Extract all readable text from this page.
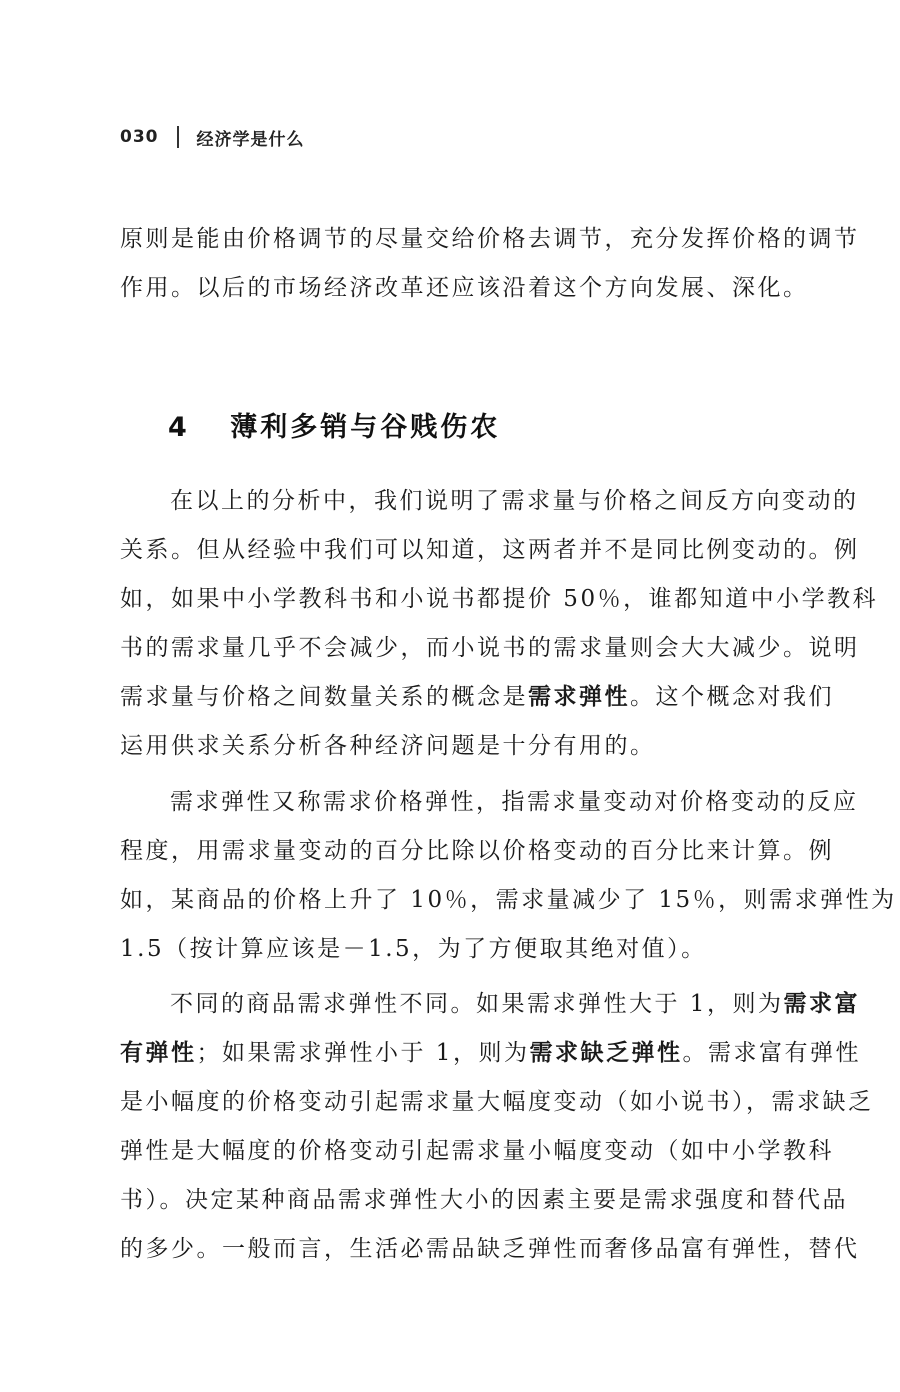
030 经济学是什么
原则是能由价格调节的尽量交给价格去调节，充分发挥价格的调节
作用。以后的市场经济改革还应该沿着这个方向发展、深化。
4 薄利多销与谷贱伤农
在以上的分析中，我们说明了需求量与价格之间反方向变动的
关系。但从经验中我们可以知道，这两者并不是同比例变动的。例
如，如果中小学教科书和小说书都提价 50％，谁都知道中小学教科
书的需求量几乎不会减少，而小说书的需求量则会大大减少。说明
需求量与价格之间数量关系的概念是需求弹性。这个概念对我们
运用供求关系分析各种经济问题是十分有用的。
需求弹性又称需求价格弹性，指需求量变动对价格变动的反应
程度，用需求量变动的百分比除以价格变动的百分比来计算。例
如，某商品的价格上升了 10％，需求量减少了 15％，则需求弹性为
1.5（按计算应该是－1.5，为了方便取其绝对值）。
不同的商品需求弹性不同。如果需求弹性大于 1，则为需求富
有弹性；如果需求弹性小于 1，则为需求缺乏弹性。需求富有弹性
是小幅度的价格变动引起需求量大幅度变动（如小说书），需求缺乏
弹性是大幅度的价格变动引起需求量小幅度变动（如中小学教科
书）。决定某种商品需求弹性大小的因素主要是需求强度和替代品
的多少。一般而言，生活必需品缺乏弹性而奢侈品富有弹性，替代
